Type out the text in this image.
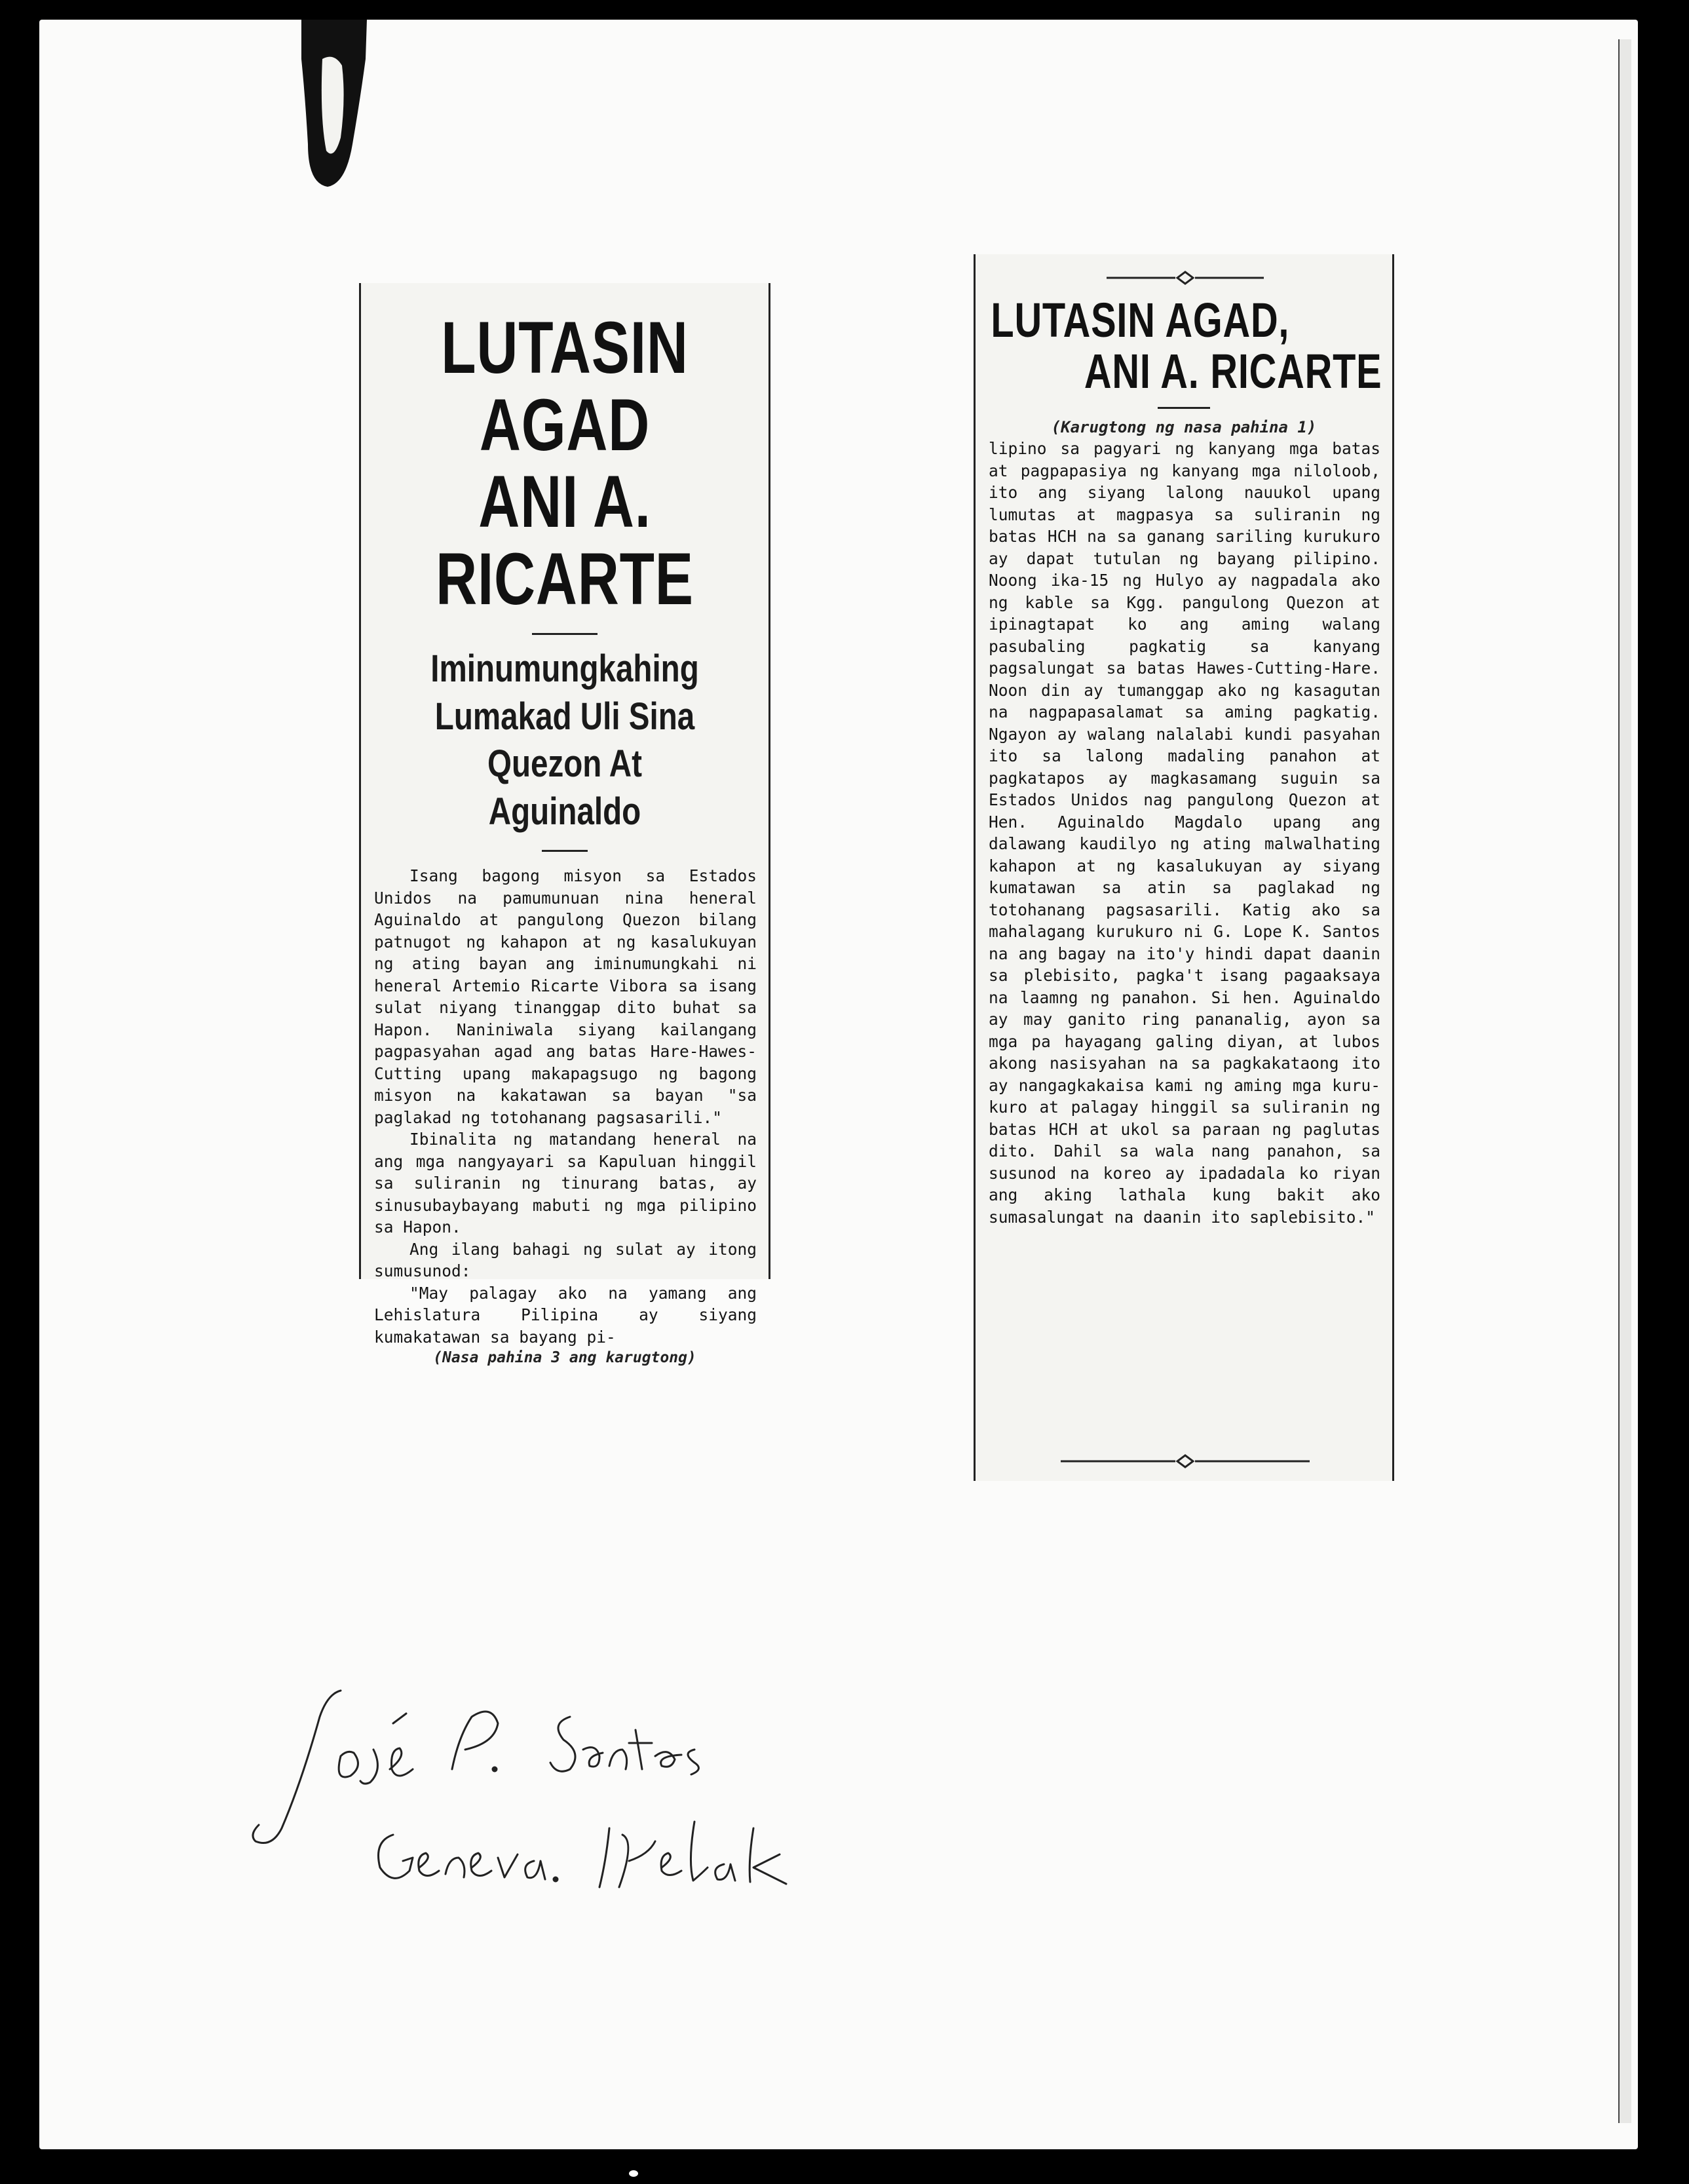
LUTASIN AGAD
ANI A. RICARTE
Iminumungkahing Lumakad Uli Sina Quezon At Aguinaldo

Isang bagong misyon sa Estados Unidos na pamumunuan nina heneral Aguinaldo at pangulong Quezon bilang patnugot ng kahapon at ng kasalukuyan ng ating bayan ang iminumungkahi ni heneral Artemio Ricarte Vibora sa isang sulat niyang tinanggap dito buhat sa Hapon. Naniniwala siyang kailangang pagpasyahan agad ang batas Hare-Hawes-Cutting upang makapagsugo ng bagong misyon na kakatawan sa bayan "sa paglakad ng totohanang pagsasarili."

Ibinalita ng matandang heneral na ang mga nangyayari sa Kapuluan hinggil sa suliranin ng tinurang batas, ay sinusubaybayang mabuti ng mga pilipino sa Hapon.

Ang ilang bahagi ng sulat ay itong sumusunod:

"May palagay ako na yamang ang Lehislatura Pilipina ay siyang kumakatawan sa bayang pi-

(Nasa pahina 3 ang karugtong)
LUTASIN AGAD,
ANI A. RICARTE
(Karugtong ng nasa pahina 1)

lipino sa pagyari ng kanyang mga batas at pagpapasiya ng kanyang mga niloloob, ito ang siyang lalong nauukol upang lumutas at magpasya sa suliranin ng batas HCH na sa ganang sariling kurukuro ay dapat tutulan ng bayang pilipino. Noong ika-15 ng Hulyo ay nagpadala ako ng kable sa Kgg. pangulong Quezon at ipinagtapat ko ang aming walang pasubaling pagkatig sa kanyang pagsalungat sa batas Hawes-Cutting-Hare. Noon din ay tumanggap ako ng kasagutan na nagpapasalamat sa aming pagkatig. Ngayon ay walang nalalabi kundi pasyahan ito sa lalong madaling panahon at pagkatapos ay magkasamang suguin sa Estados Unidos nag pangulong Quezon at Hen. Aguinaldo Magdalo upang ang dalawang kaudilyo ng ating malwalhating kahapon at ng kasalukuyan ay siyang kumatawan sa atin sa paglakad ng totohanang pagsasarili. Katig ako sa mahalagang kurukuro ni G. Lope K. Santos na ang bagay na ito'y hindi dapat daanin sa plebisito, pagka't isang pagaaksaya na laamng ng panahon. Si hen. Aguinaldo ay may ganito ring pananalig, ayon sa mga pa hayagang galing diyan, at lubos akong nasisyahan na sa pagkakataong ito ay nangagkakaisa kami ng aming mga kuru-kuro at palagay hinggil sa suliranin ng batas HCH at ukol sa paraan ng paglutas dito. Dahil sa wala nang panahon, sa susunod na koreo ay ipadadala ko riyan ang aking lathala kung bakit ako sumasalungat na daanin ito saplebisito."
